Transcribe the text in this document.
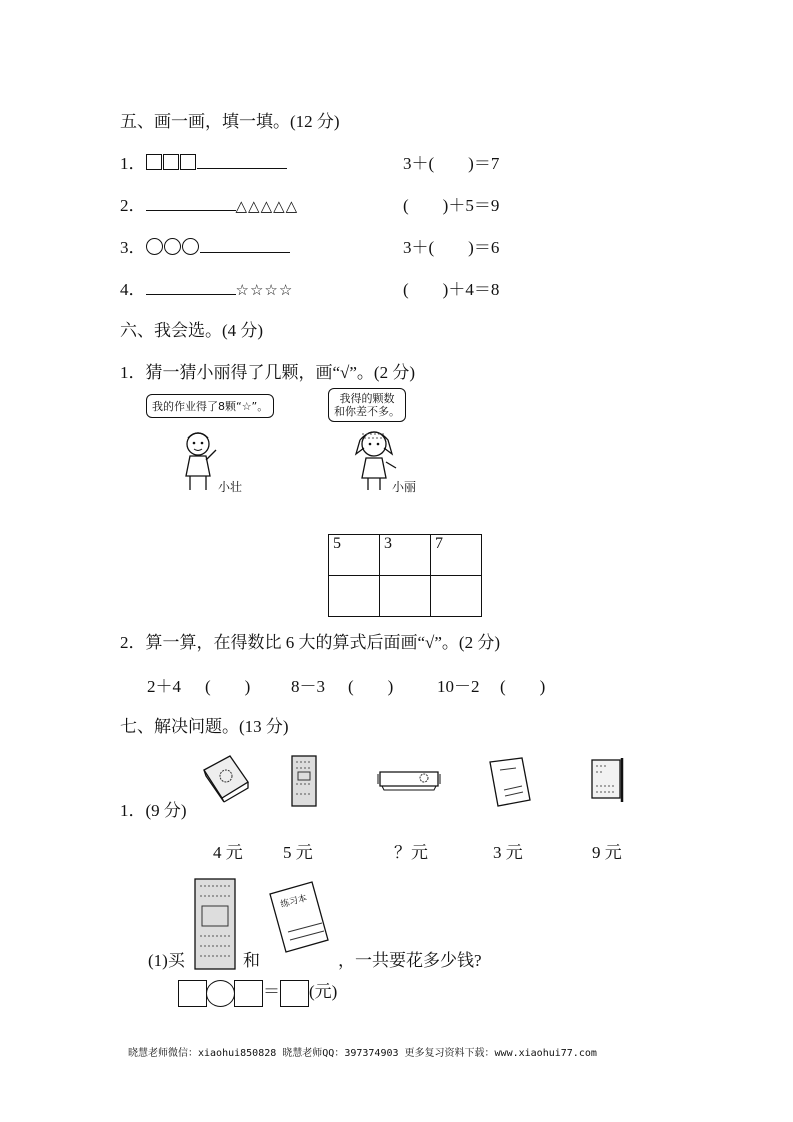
五、画一画，填一填。(12 分)
1．	3＋(　　)＝7
2．	△△△△△	(　　)＋5＝9
3．	3＋(　　)＝6
4．	☆☆☆☆	(　　)＋4＝8
六、我会选。(4 分)
1．猜一猜小丽得了几颗，画“√”。(2 分)
我的作业得了8颗“☆”。
我得的颗数
和你差不多。
小壮	小丽
5	3	7

2．算一算，在得数比 6 大的算式后面画“√”。(2 分)
2＋4 (　　) 8－3 (　　)	10－2 (　　)
七、解决问题。(13 分)
1．(9 分)
4 元 5 元	？元	3 元	9 元
练习本
(1)买	和	，一共要花多少钱?
＝ (元)
晓慧老师微信：xiaohui850828 晓慧老师QQ：397374903 更多复习资料下载：www.xiaohui77.com
